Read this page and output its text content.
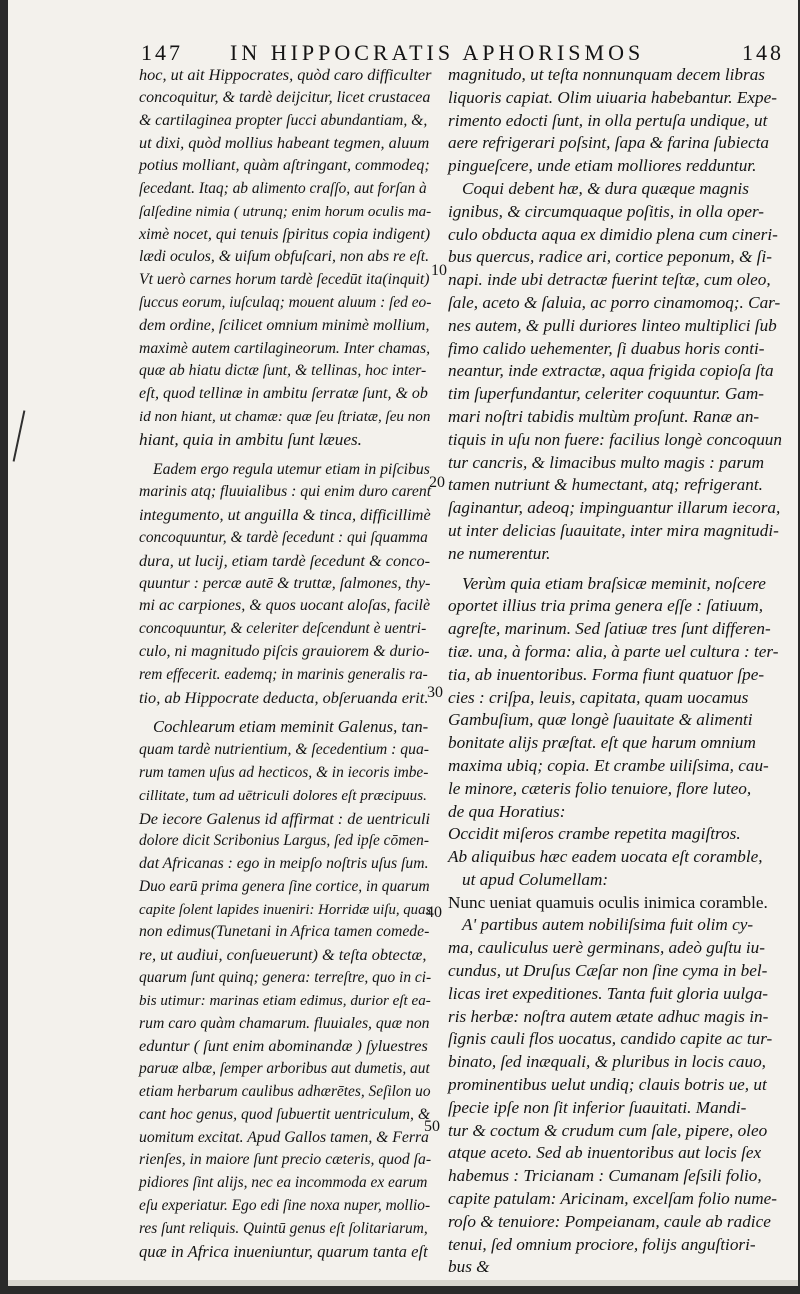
147 IN HIPPOCRATIS APHORISMOS	148

hoc, ut ait Hippocrates, quòd caro difficulter

concoquitur, & tardè deijcitur, licet crustacea

& cartilaginea propter ſucci abundantiam, &,

ut dixi, quòd mollius habeant tegmen, aluum

potius molliant, quàm aſtringant, commodeq;

ſecedant. Itaq; ab alimento craſſo, aut forſan à

ſalſedine nimia ( utrunq; enim horum oculis ma-

ximè nocet, qui tenuis ſpiritus copia indigent)

lædi oculos, & uiſum obfuſcari, non abs re eſt.

Vt uerò carnes horum tardè ſecedūt ita(inquit)

ſuccus eorum, iuſculaq; mouent aluum : ſed eo-

dem ordine, ſcilicet omnium minimè mollium,

maximè autem cartilagineorum. Inter chamas,

quæ ab hiatu dictæ ſunt, & tellinas, hoc inter-

eſt, quod tellinæ in ambitu ſerratæ ſunt, & ob

id non hiant, ut chamæ: quæ ſeu ſtriatæ, ſeu non

hiant, quia in ambitu ſunt læues.

Eadem ergo regula utemur etiam in piſcibus

marinis atq; fluuialibus : qui enim duro carent

integumento, ut anguilla & tinca, difficillimè

concoquuntur, & tardè ſecedunt : qui ſquamma

dura, ut lucij, etiam tardè ſecedunt & conco-

quuntur : percæ autē & truttæ, ſalmones, thy-

mi ac carpiones, & quos uocant aloſas, facilè

concoquuntur, & celeriter deſcendunt è uentri-

culo, ni magnitudo piſcis grauiorem & durio-

rem effecerit. eademq; in marinis generalis ra-

tio, ab Hippocrate deducta, obſeruanda erit.

Cochlearum etiam meminit Galenus, tan-

quam tardè nutrientium, & ſecedentium : qua-

rum tamen uſus ad hecticos, & in iecoris imbe-

cillitate, tum ad uētriculi dolores eſt præcipuus.

De iecore Galenus id affirmat : de uentriculi

dolore dicit Scribonius Largus, ſed ipſe cōmen-

dat Africanas : ego in meipſo noſtris uſus ſum.

Duo earū prima genera ſine cortice, in quarum

capite ſolent lapides inueniri: Horridæ uiſu, quas

non edimus(Tunetani in Africa tamen comede-

re, ut audiui, conſueuerunt) & teſta obtectæ,

quarum ſunt quinq; genera: terreſtre, quo in ci-

bis utimur: marinas etiam edimus, durior eſt ea-

rum caro quàm chamarum. fluuiales, quæ non

eduntur ( ſunt enim abominandæ ) ſyluestres

paruæ albæ, ſemper arboribus aut dumetis, aut

etiam herbarum caulibus adhærētes, Seſilon uo

cant hoc genus, quod ſubuertit uentriculum, &

uomitum excitat. Apud Gallos tamen, & Ferra

rienſes, in maiore ſunt precio cæteris, quod ſa-

pidiores ſint alijs, nec ea incommoda ex earum

eſu experiatur. Ego edi ſine noxa nuper, mollio-

res ſunt reliquis. Quintū genus eſt ſolitariarum,

quæ in Africa inueniuntur, quarum tanta eſt

magnitudo, ut teſta nonnunquam decem libras

liquoris capiat. Olim uiuaria habebantur. Expe-

rimento edocti ſunt, in olla pertuſa undique, ut

aere refrigerari poſsint, ſapa & farina ſubiecta

pingueſcere, unde etiam molliores redduntur.

Coqui debent hæ, & dura quæque magnis

ignibus, & circumquaque poſitis, in olla oper-

culo obducta aqua ex dimidio plena cum cineri-

bus quercus, radice ari, cortice peponum, & ſi-

napi. inde ubi detractæ fuerint teſtæ, cum oleo,

ſale, aceto & ſaluia, ac porro cinamomoq;. Car-

nes autem, & pulli duriores linteo multiplici ſub

fimo calido uehementer, ſi duabus horis conti-

neantur, inde extractæ, aqua frigida copioſa ſta

tim ſuperfundantur, celeriter coquuntur. Gam-

mari noſtri tabidis multùm proſunt. Ranæ an-

tiquis in uſu non fuere: facilius longè concoquun

tur cancris, & limacibus multo magis : parum

tamen nutriunt & humectant, atq; refrigerant.

ſaginantur, adeoq; impinguantur illarum iecora,

ut inter delicias ſuauitate, inter mira magnitudi-

ne numerentur.

Verùm quia etiam braſsicæ meminit, noſcere

oportet illius tria prima genera eſſe : ſatiuum,

agreſte, marinum. Sed ſatiuæ tres ſunt differen-

tiæ. una, à forma: alia, à parte uel cultura : ter-

tia, ab inuentoribus. Forma fiunt quatuor ſpe-

cies : criſpa, leuis, capitata, quam uocamus

Gambuſium, quæ longè ſuauitate & alimenti

bonitate alijs præſtat. eſt que harum omnium

maxima ubiq; copia. Et crambe uiliſsima, cau-

le minore, cæteris folio tenuiore, flore luteo,

de qua Horatius:

Occidit miſeros crambe repetita magiſtros.

Ab aliquibus hæc eadem uocata eſt coramble,

ut apud Columellam:

Nunc ueniat quamuis oculis inimica coramble.

A' partibus autem nobiliſsima fuit olim cy-

ma, cauliculus uerè germinans, adeò guſtu iu-

cundus, ut Druſus Cæſar non ſine cyma in bel-

licas iret expeditiones. Tanta fuit gloria uulga-

ris herbæ: noſtra autem ætate adhuc magis in-

ſignis cauli flos uocatus, candido capite ac tur-

binato, ſed inæquali, & pluribus in locis cauo,

prominentibus uelut undiq; clauis botris ue, ut

ſpecie ipſe non ſit inferior ſuauitati. Mandi-

tur & coctum & crudum cum ſale, pipere, oleo

atque aceto. Sed ab inuentoribus aut locis ſex

habemus : Tricianam : Cumanam ſeſsili folio,

capite patulam: Aricinam, excelſam folio nume-

roſo & tenuiore: Pompeianam, caule ab radice

tenui, ſed omnium prociore, folijs anguſtiori-

bus &

10
20
30
40
50
